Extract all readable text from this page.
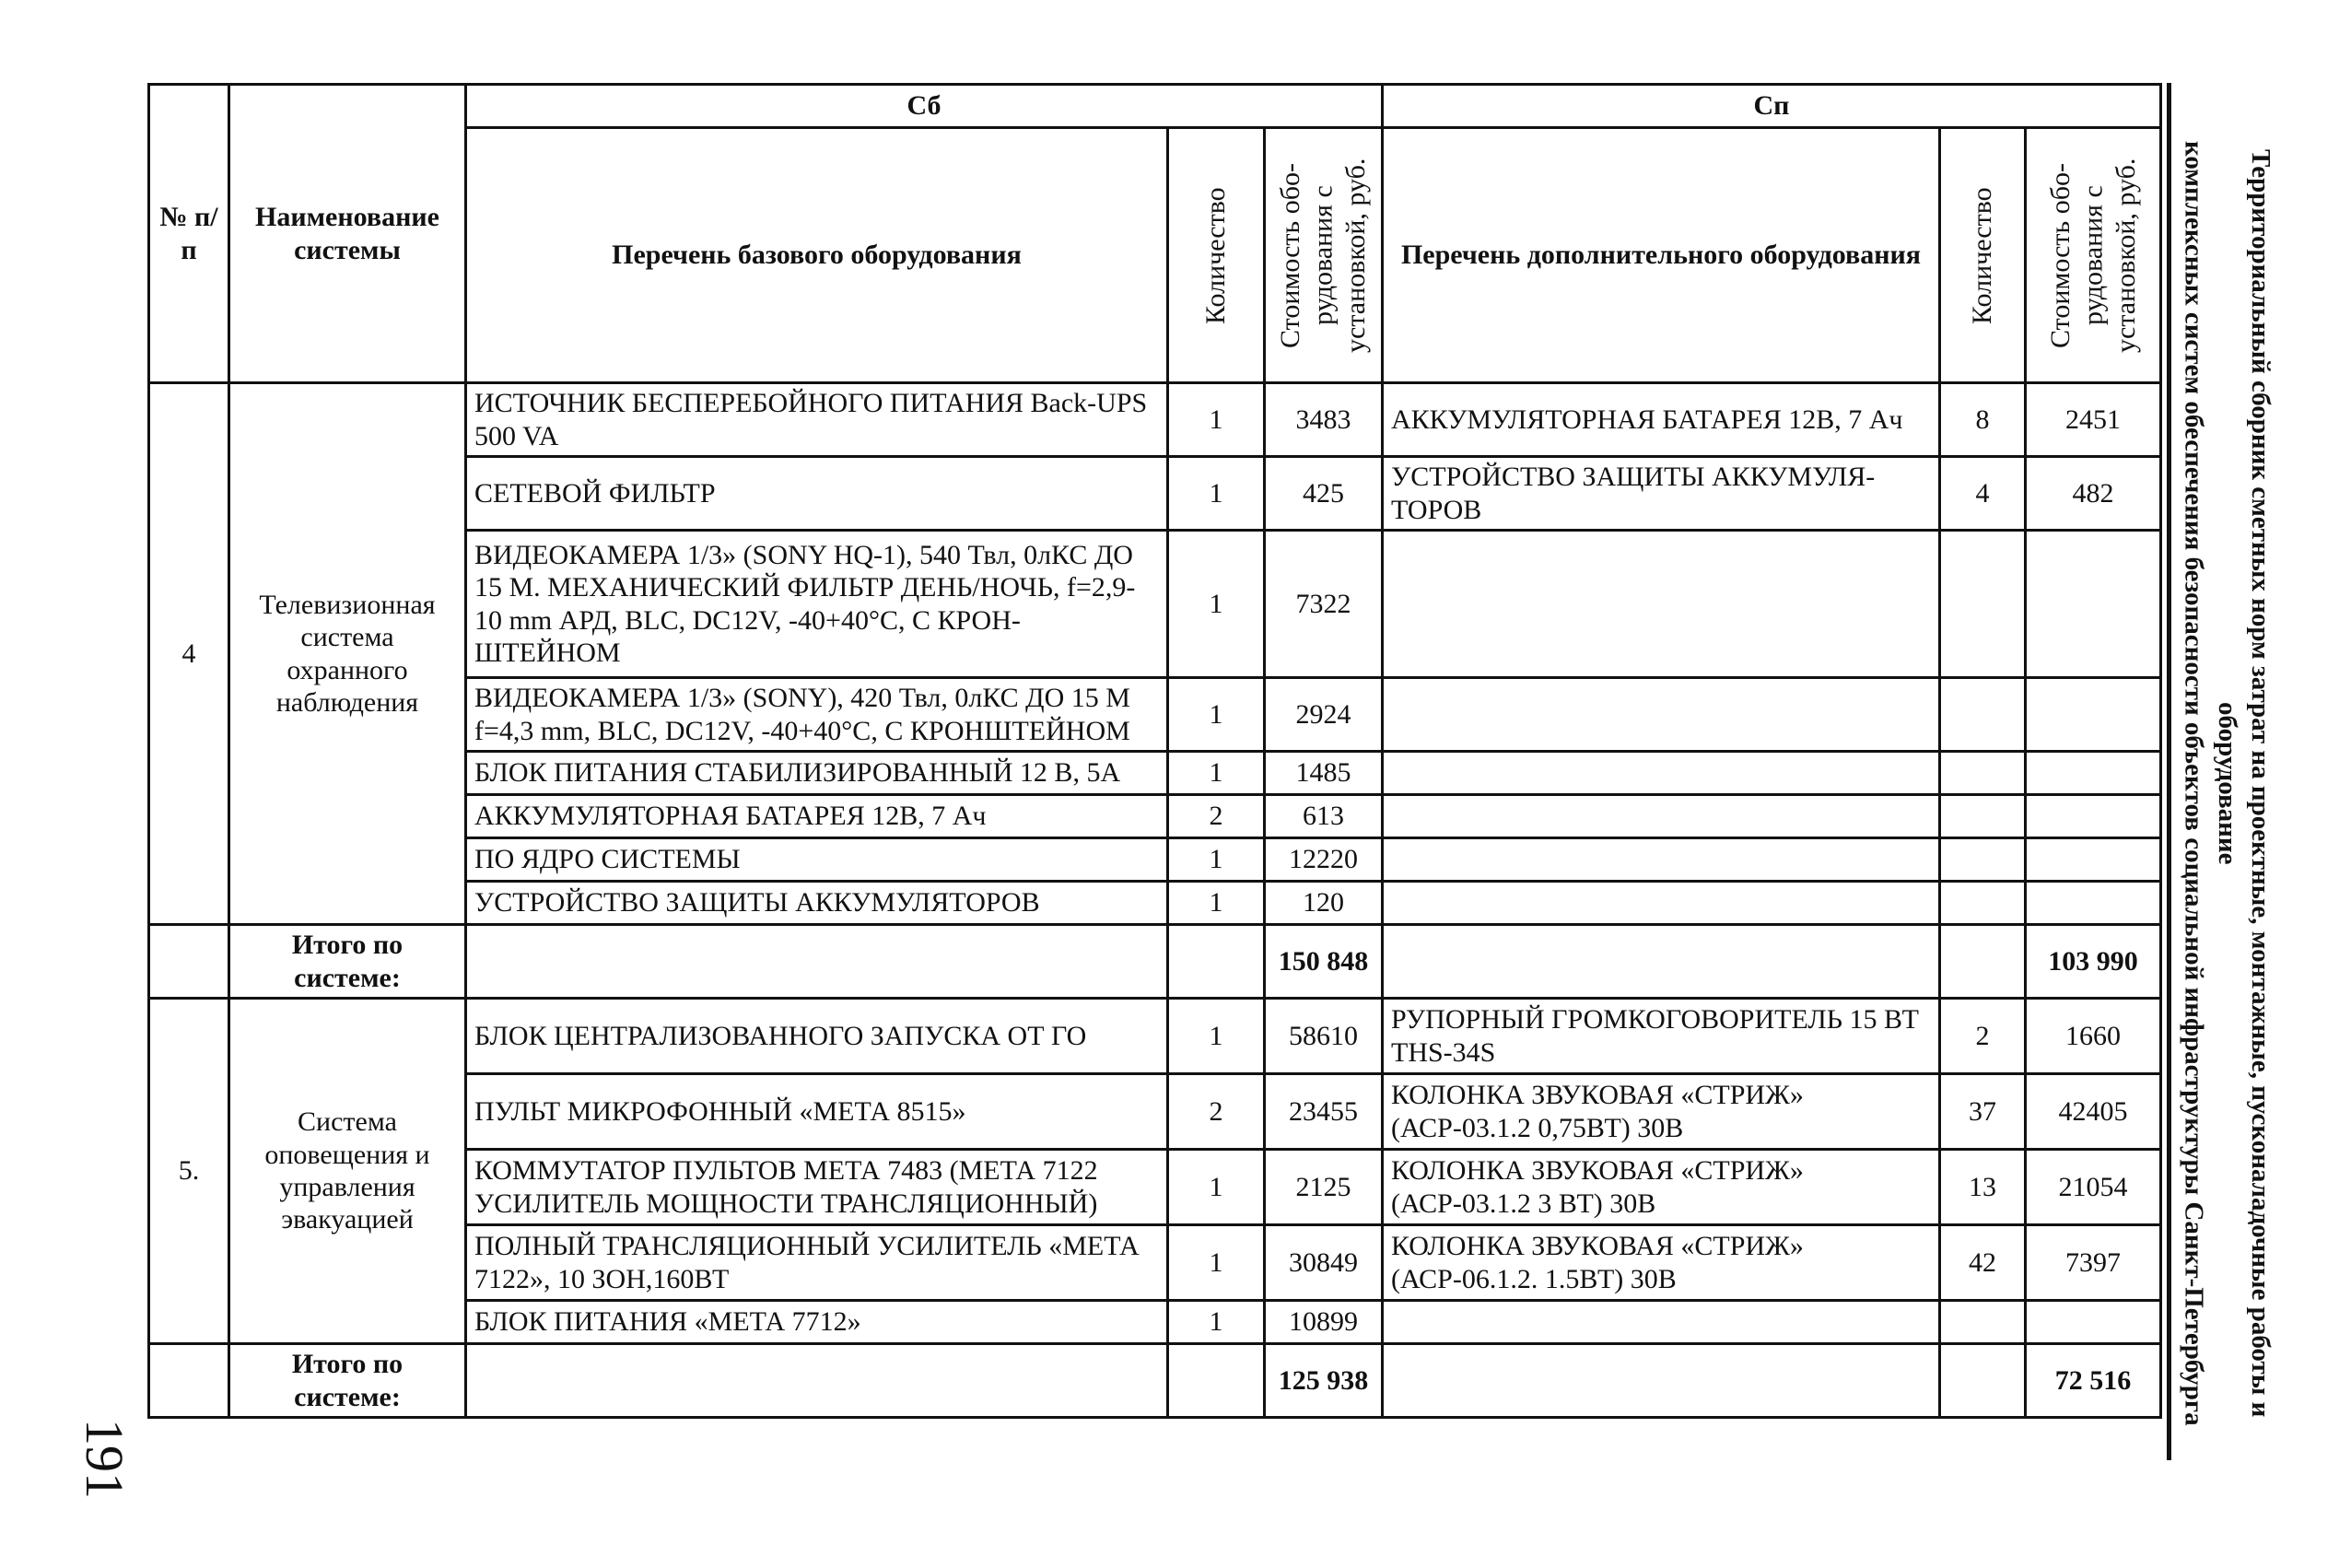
Территориальный сборник сметных норм затрат на проектные, монтажные, пусконаладочные работы и оборудование
комплексных систем обеспечения безопасности объектов социальной инфраструктуры Санкт-Петербурга
191
№ п/п	Наименование системы	Сб			Сп		
		Перечень базового оборудования	Количество	Стоимость обо-рудования с установкой, руб.	Перечень дополнительного оборудования	Количество	Стоимость обо-рудования с установкой, руб.

4	Телевизионная система охранного наблюдения	ИСТОЧНИК БЕСПЕРЕБОЙНОГО ПИТАНИЯ Back-UPS 500 VA	1	3483	АККУМУЛЯТОРНАЯ БАТАРЕЯ 12В, 7 Ач	8	2451
		СЕТЕВОЙ ФИЛЬТР	1	425	УСТРОЙСТВО ЗАЩИТЫ АККУМУЛЯ-ТОРОВ	4	482
		ВИДЕОКАМЕРА 1/3» (SONY HQ-1), 540 Твл, 0лКС ДО 15 М. МЕХАНИЧЕСКИЙ ФИЛЬТР ДЕНЬ/НОЧЬ, f=2,9-10 mm АРД, BLC, DC12V, -40+40°C, С КРОН-ШТЕЙНОМ	1	7322			
		ВИДЕОКАМЕРА 1/3» (SONY), 420 Твл, 0лКС ДО 15 М f=4,3 mm, BLC, DC12V, -40+40°C, С КРОНШТЕЙНОМ	1	2924			
		БЛОК ПИТАНИЯ СТАБИЛИЗИРОВАННЫЙ 12 В, 5А	1	1485			
		АККУМУЛЯТОРНАЯ БАТАРЕЯ 12В, 7 Ач	2	613			
		ПО ЯДРО СИСТЕМЫ	1	12220			
		УСТРОЙСТВО ЗАЩИТЫ АККУМУЛЯТОРОВ	1	120			
	Итого по системе:			150 848			103 990
5.	Система оповещения и управления эвакуацией	БЛОК ЦЕНТРАЛИЗОВАННОГО ЗАПУСКА ОТ ГО	1	58610	РУПОРНЫЙ ГРОМКОГОВОРИТЕЛЬ 15 ВТ THS-34S	2	1660
		ПУЛЬТ МИКРОФОННЫЙ «МЕТА 8515»	2	23455	КОЛОНКА ЗВУКОВАЯ «СТРИЖ» (АСР-03.1.2 0,75ВТ) 30В	37	42405
		КОММУТАТОР ПУЛЬТОВ МЕТА 7483 (МЕТА 7122 УСИЛИТЕЛЬ МОЩНОСТИ ТРАНСЛЯЦИОННЫЙ)	1	2125	КОЛОНКА ЗВУКОВАЯ «СТРИЖ» (АСР-03.1.2 3 ВТ) 30В	13	21054
		ПОЛНЫЙ ТРАНСЛЯЦИОННЫЙ УСИЛИТЕЛЬ «МЕТА 7122», 10 ЗОН,160ВТ	1	30849	КОЛОНКА ЗВУКОВАЯ «СТРИЖ» (АСР-06.1.2. 1.5ВТ) 30В	42	7397
		БЛОК ПИТАНИЯ «МЕТА 7712»	1	10899			
	Итого по системе:			125 938			72 516
